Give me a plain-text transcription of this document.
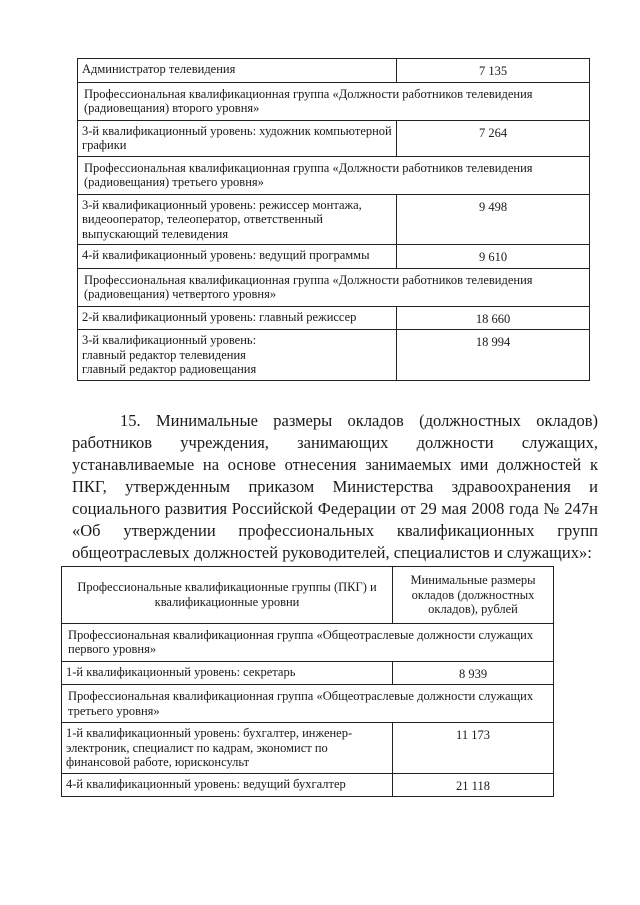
Администратор телевидения	7 135
Профессиональная квалификационная группа «Должности работников телевидения (радиовещания) второго уровня»	
3-й квалификационный уровень: художник компьютерной графики	7 264
Профессиональная квалификационная группа «Должности работников телевидения (радиовещания) третьего уровня»	
3-й квалификационный уровень: режиссер монтажа, видеооператор, телеоператор, ответственный выпускающий телевидения	9 498
4-й квалификационный уровень: ведущий программы	9 610
Профессиональная квалификационная группа «Должности работников телевидения (радиовещания) четвертого уровня»	
2-й квалификационный уровень: главный режиссер	18 660

3-й квалификационный уровень:
главный редактор телевидения
главный редактор радиовещания	18 994

15. Минимальные размеры окладов (должностных окладов) работников учреждения, занимающих должности служащих, устанавливаемые на основе отнесения занимаемых ими должностей к ПКГ, утвержденным приказом Министерства здравоохранения и социального развития Российской Федерации от 29 мая 2008 года № 247н «Об утверждении профессиональных квалификационных групп общеотраслевых должностей руководителей, специалистов и служащих»:

Профессиональные квалификационные группы (ПКГ) и квалификационные уровни	Минимальные размеры окладов (должностных окладов), рублей
Профессиональная квалификационная группа «Общеотраслевые должности служащих первого уровня»	
1-й квалификационный уровень: секретарь	8 939
Профессиональная квалификационная группа «Общеотраслевые должности служащих третьего уровня»	
1-й квалификационный уровень: бухгалтер, инженер-электроник, специалист по кадрам, экономист по финансовой работе, юрисконсульт	11 173
4-й квалификационный уровень: ведущий бухгалтер	21 118
